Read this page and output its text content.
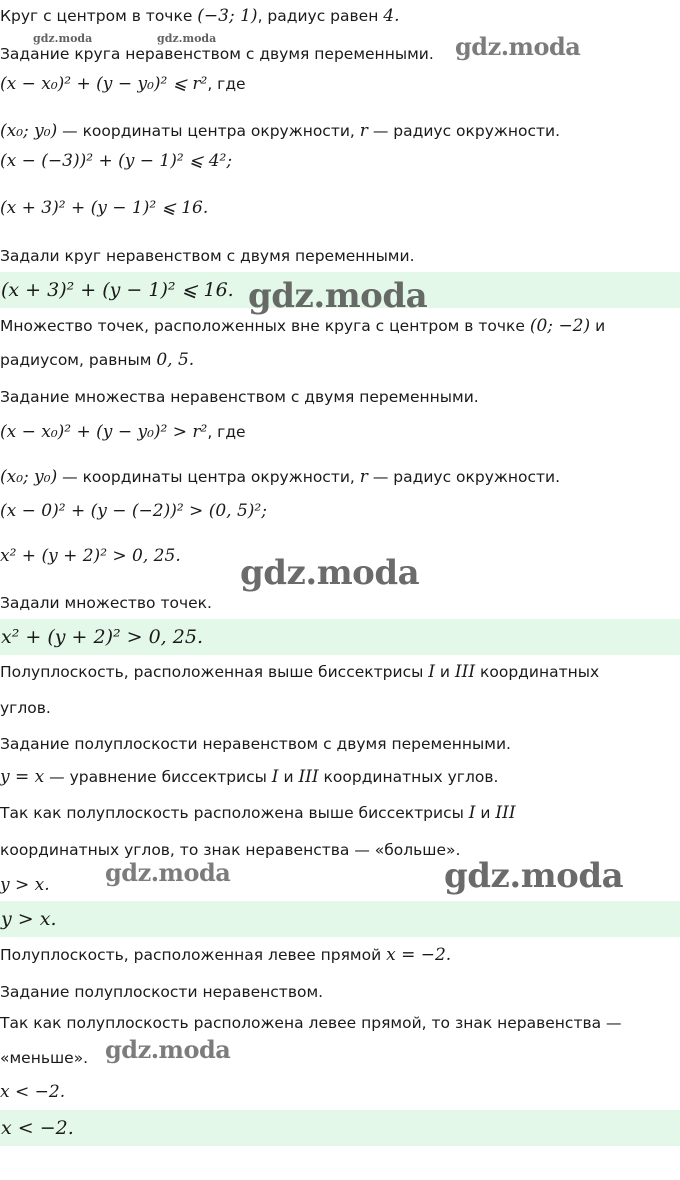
Круг с центром в точке (−3; 1), радиус равен 4.
Задание круга неравенством с двумя переменными.
(x − x₀)² + (y − y₀)² ⩽ r², где
(x₀; y₀) — координаты центра окружности, r — радиус окружности.
(x − (−3))² + (y − 1)² ⩽ 4²;
(x + 3)² + (y − 1)² ⩽ 16.
Задали круг неравенством с двумя переменными.
(x + 3)² + (y − 1)² ⩽ 16.
Множество точек, расположенных вне круга с центром в точке (0; −2) и
радиусом, равным 0, 5.
Задание множества неравенством с двумя переменными.
(x − x₀)² + (y − y₀)² > r², где
(x₀; y₀) — координаты центра окружности, r — радиус окружности.
(x − 0)² + (y − (−2))² > (0, 5)²;
x² + (y + 2)² > 0, 25.
Задали множество точек.
x² + (y + 2)² > 0, 25.
Полуплоскость, расположенная выше биссектрисы I и III координатных
углов.
Задание полуплоскости неравенством с двумя переменными.
y = x — уравнение биссектрисы I и III координатных углов.
Так как полуплоскость расположена выше биссектрисы I и III
координатных углов, то знак неравенства — «больше».
y > x.
y > x.
Полуплоскость, расположенная левее прямой x = −2.
Задание полуплоскости неравенством.
Так как полуплоскость расположена левее прямой, то знак неравенства —
«меньше».
x < −2.
x < −2.
gdz.moda	gdz.moda	gdz.moda
gdz.moda
gdz.moda
gdz.moda	gdz.moda
gdz.moda
